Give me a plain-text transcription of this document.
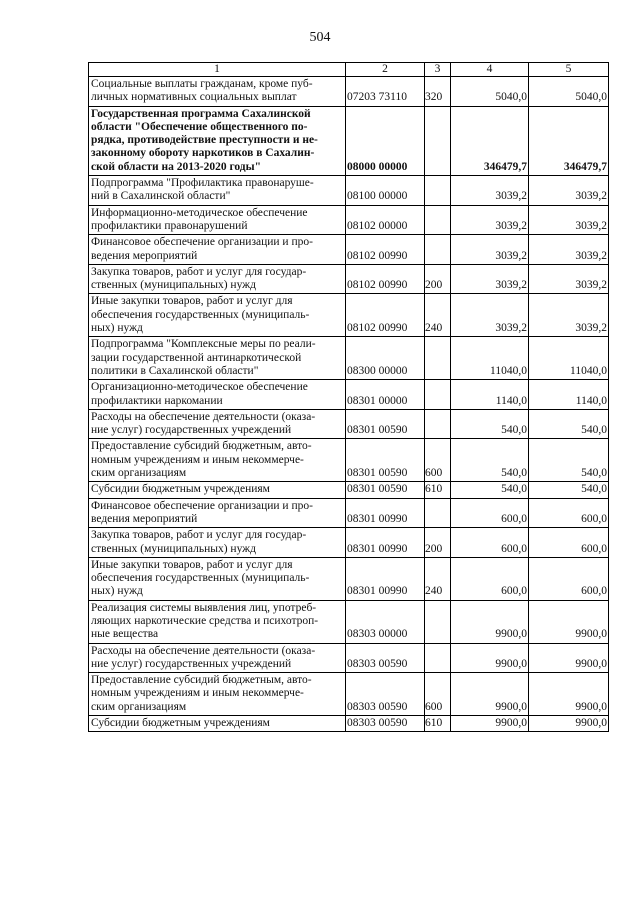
504
1	2	3	4	5
Социальные выплаты гражданам, кроме пуб-
личных нормативных социальных выплат	07203 73110	320	5040,0	5040,0
Государственная программа Сахалинской
области "Обеспечение общественного по-
рядка, противодействие преступности и не-
законному обороту наркотиков в Сахалин-
ской области на 2013-2020 годы"	08000 00000		346479,7	346479,7
Подпрограмма "Профилактика правонаруше-
ний в Сахалинской области"	08100 00000		3039,2	3039,2
Информационно-методическое обеспечение
профилактики правонарушений	08102 00000		3039,2	3039,2
Финансовое обеспечение организации и про-
ведения мероприятий	08102 00990		3039,2	3039,2
Закупка товаров, работ и услуг для государ-
ственных (муниципальных) нужд	08102 00990	200	3039,2	3039,2
Иные закупки товаров, работ и услуг для
обеспечения государственных (муниципаль-
ных) нужд	08102 00990	240	3039,2	3039,2
Подпрограмма "Комплексные меры по реали-
зации государственной антинаркотической
политики в Сахалинской области"	08300 00000		11040,0	11040,0
Организационно-методическое обеспечение
профилактики наркомании	08301 00000		1140,0	1140,0
Расходы на обеспечение деятельности (оказа-
ние услуг) государственных учреждений	08301 00590		540,0	540,0
Предоставление субсидий бюджетным, авто-
номным учреждениям и иным некоммерче-
ским организациям	08301 00590	600	540,0	540,0
Субсидии бюджетным учреждениям	08301 00590	610	540,0	540,0
Финансовое обеспечение организации и про-
ведения мероприятий	08301 00990		600,0	600,0
Закупка товаров, работ и услуг для государ-
ственных (муниципальных) нужд	08301 00990	200	600,0	600,0
Иные закупки товаров, работ и услуг для
обеспечения государственных (муниципаль-
ных) нужд	08301 00990	240	600,0	600,0
Реализация системы выявления лиц, употреб-
ляющих наркотические средства и психотроп-
ные вещества	08303 00000		9900,0	9900,0
Расходы на обеспечение деятельности (оказа-
ние услуг) государственных учреждений	08303 00590		9900,0	9900,0
Предоставление субсидий бюджетным, авто-
номным учреждениям и иным некоммерче-
ским организациям	08303 00590	600	9900,0	9900,0
Субсидии бюджетным учреждениям	08303 00590	610	9900,0	9900,0
